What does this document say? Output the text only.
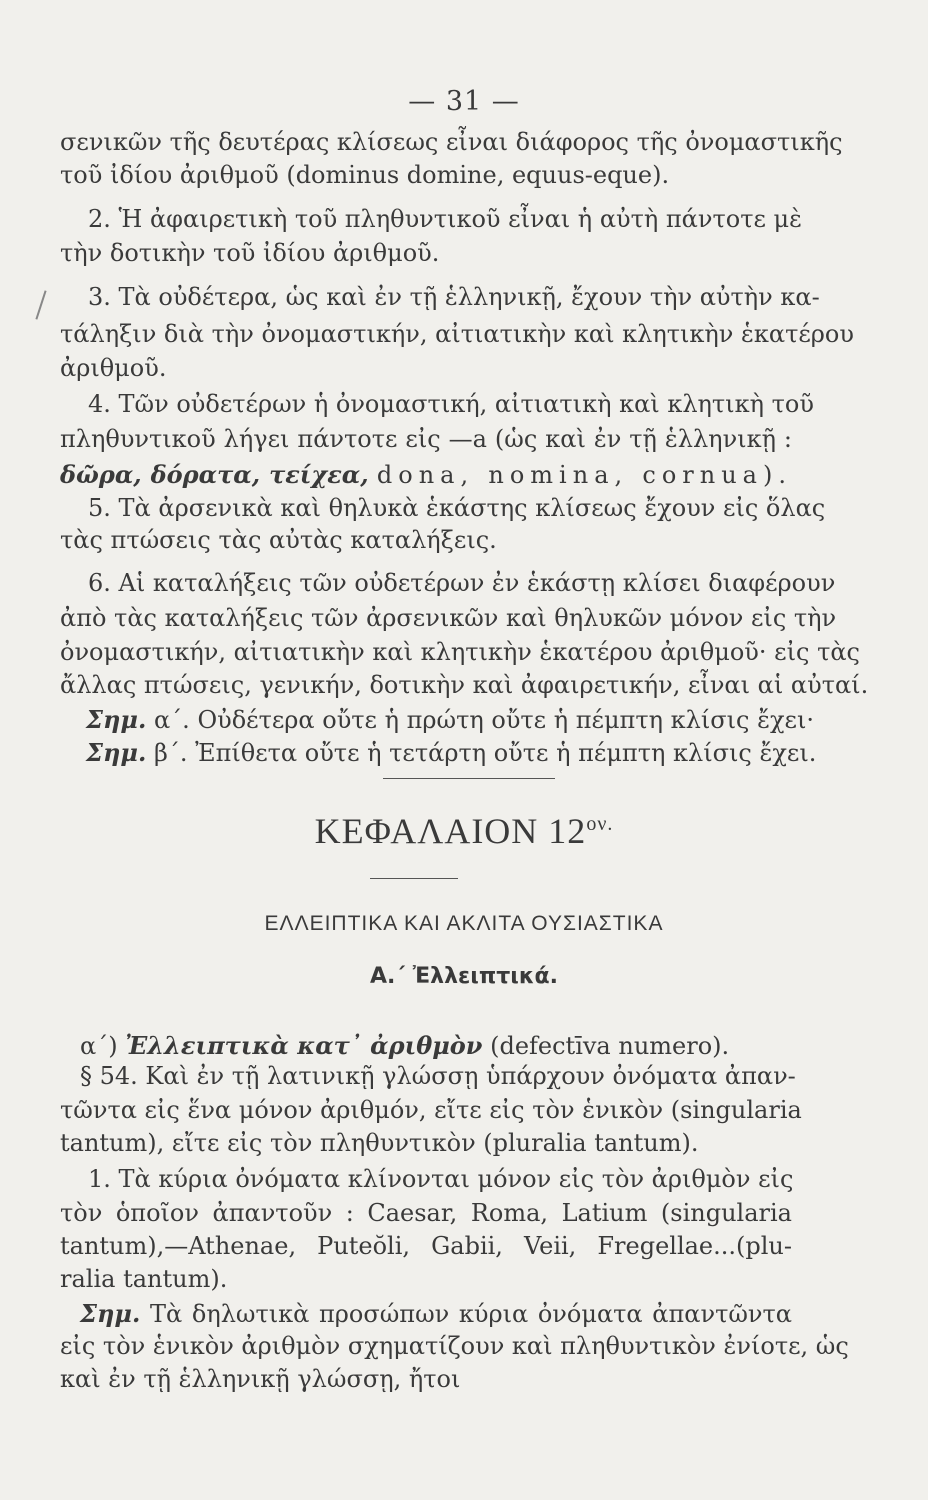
— 31 —
σενικῶν τῆς δευτέρας κλίσεως εἶναι διάφορος τῆς ὀνομαστικῆς
τοῦ ἰδίου ἀριθμοῦ (dominus domine, equus-eque).
2. Ἡ ἀφαιρετικὴ τοῦ πληθυντικοῦ εἶναι ἡ αὐτὴ πάντοτε μὲ
τὴν δοτικὴν τοῦ ἰδίου ἀριθμοῦ.
3. Τὰ οὐδέτερα, ὡς καὶ ἐν τῇ ἑλληνικῇ, ἔχουν τὴν αὐτὴν κα-
τάληξιν διὰ τὴν ὀνομαστικήν, αἰτιατικὴν καὶ κλητικὴν ἑκατέρου
ἀριθμοῦ.
4. Τῶν οὐδετέρων ἡ ὀνομαστική, αἰτιατικὴ καὶ κλητικὴ τοῦ
πληθυντικοῦ λήγει πάντοτε εἰς —a (ὡς καὶ ἐν τῇ ἑλληνικῇ :
δῶρα, δόρατα, τείχεα, dona, nomina, cornua).
5. Τὰ ἀρσενικὰ καὶ θηλυκὰ ἑκάστης κλίσεως ἔχουν εἰς ὅλας
τὰς πτώσεις τὰς αὐτὰς καταλήξεις.
6. Αἱ καταλήξεις τῶν οὐδετέρων ἐν ἑκάστῃ κλίσει διαφέρουν
ἀπὸ τὰς καταλήξεις τῶν ἀρσενικῶν καὶ θηλυκῶν μόνον εἰς τὴν
ὀνομαστικήν, αἰτιατικὴν καὶ κλητικὴν ἑκατέρου ἀριθμοῦ· εἰς τὰς
ἄλλας πτώσεις, γενικήν, δοτικὴν καὶ ἀφαιρετικήν, εἶναι αἱ αὐταί.
Σημ. α΄. Οὐδέτερα οὔτε ἡ πρώτη οὔτε ἡ πέμπτη κλίσις ἔχει·
Σημ. β΄. Ἐπίθετα οὔτε ἡ τετάρτη οὔτε ἡ πέμπτη κλίσις ἔχει.
ΚΕΦΑΛΑΙΟΝ $12^{o\nu.}$
ΕΛΛΕΙΠΤΙΚΑ ΚΑΙ ΑΚΛΙΤΑ ΟΥΣΙΑΣΤΙΚΑ
Α.΄ Ἐλλειπτικά.
α΄) Ἐλλειπτικὰ κατ᾿ ἀριθμὸν (defectīva numero).
§ 54. Καὶ ἐν τῇ λατινικῇ γλώσσῃ ὑπάρχουν ὀνόματα ἀπαν-
τῶντα εἰς ἕνα μόνον ἀριθμόν, εἴτε εἰς τὸν ἑνικὸν (singularia
tantum), εἴτε εἰς τὸν πληθυντικὸν (pluralia tantum).
1. Τὰ κύρια ὀνόματα κλίνονται μόνον εἰς τὸν ἀριθμὸν εἰς
τὸν ὁποῖον ἀπαντοῦν : Caesar, Roma, Latium (singularia
tantum),—Athenae, Puteŏli, Gabii, Veii, Fregellae...(plu-
ralia tantum).
Σημ. Τὰ δηλωτικὰ προσώπων κύρια ὀνόματα ἀπαντῶντα
εἰς τὸν ἑνικὸν ἀριθμὸν σχηματίζουν καὶ πληθυντικὸν ἐνίοτε, ὡς
καὶ ἐν τῇ ἑλληνικῇ γλώσσῃ, ἤτοι
